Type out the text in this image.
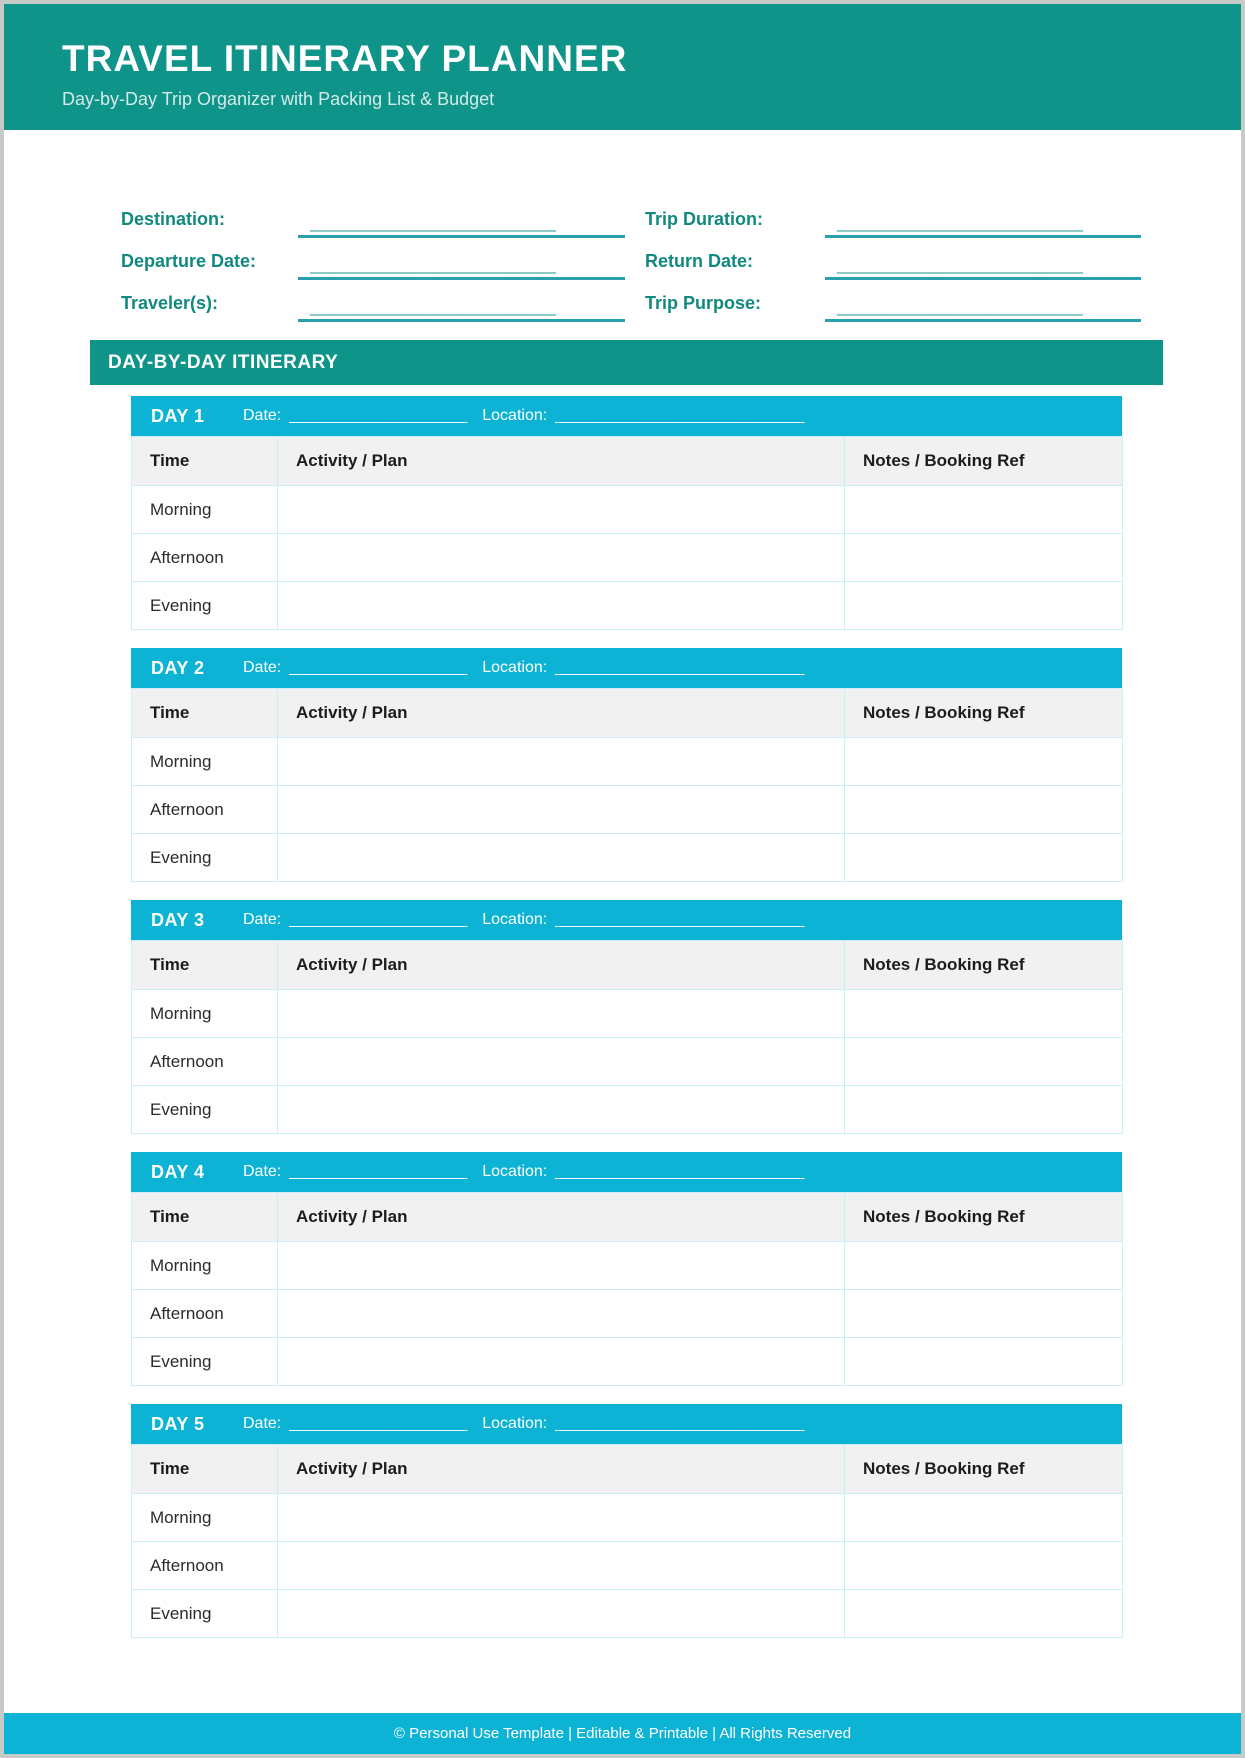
TRAVEL ITINERARY PLANNER
Day-by-Day Trip Organizer with Packing List & Budget
Destination:	__________________________	Trip Duration:	__________________________
Departure Date:	__________________________	Return Date:	__________________________
Traveler(s):	__________________________	Trip Purpose:	__________________________
DAY-BY-DAY ITINERARY
DAY 1	Date: ____________________ Location: ____________________________
Time	Activity / Plan	Notes / Booking Ref
Morning		
Afternoon		
Evening		
DAY 2	Date: ____________________ Location: ____________________________
Time	Activity / Plan	Notes / Booking Ref
Morning		
Afternoon		
Evening		
DAY 3	Date: ____________________ Location: ____________________________
Time	Activity / Plan	Notes / Booking Ref
Morning		
Afternoon		
Evening		
DAY 4	Date: ____________________ Location: ____________________________
Time	Activity / Plan	Notes / Booking Ref
Morning		
Afternoon		
Evening		
DAY 5	Date: ____________________ Location: ____________________________
Time	Activity / Plan	Notes / Booking Ref
Morning		
Afternoon		
Evening		
© Personal Use Template | Editable & Printable | All Rights Reserved
